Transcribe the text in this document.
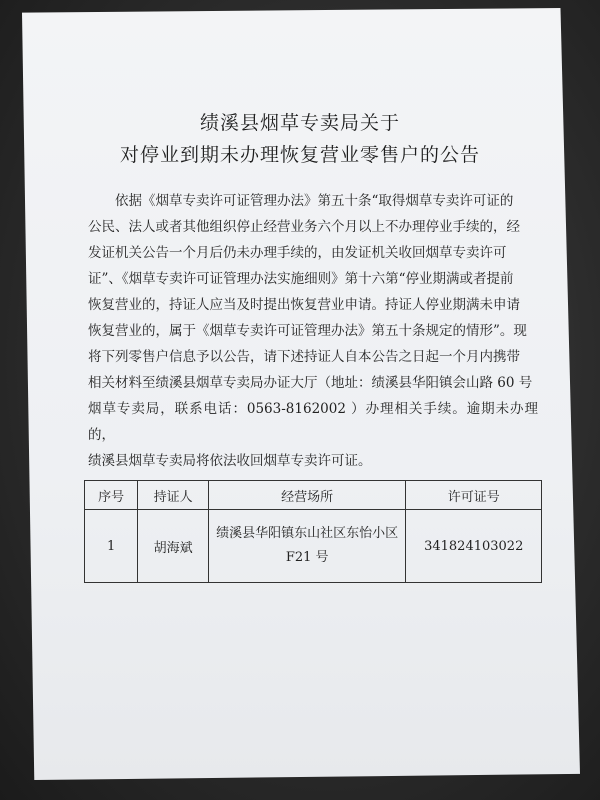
绩溪县烟草专卖局关于
对停业到期未办理恢复营业零售户的公告

依据《烟草专卖许可证管理办法》第五十条“取得烟草专卖许可证的

公民、法人或者其他组织停止经营业务六个月以上不办理停业手续的，经

发证机关公告一个月后仍未办理手续的，由发证机关收回烟草专卖许可

证”、《烟草专卖许可证管理办法实施细则》第十六第“停业期满或者提前

恢复营业的，持证人应当及时提出恢复营业申请。持证人停业期满未申请

恢复营业的，属于《烟草专卖许可证管理办法》第五十条规定的情形”。现

将下列零售户信息予以公告，请下述持证人自本公告之日起一个月内携带

相关材料至绩溪县烟草专卖局办证大厅（地址：绩溪县华阳镇会山路 60 号

烟草专卖局，联系电话：0563-8162002 ）办理相关手续。逾期未办理的，

绩溪县烟草专卖局将依法收回烟草专卖许可证。

序号	持证人	经营场所	许可证号
1	胡海斌	绩溪县华阳镇东山社区东怡小区
F21 号	341824103022
